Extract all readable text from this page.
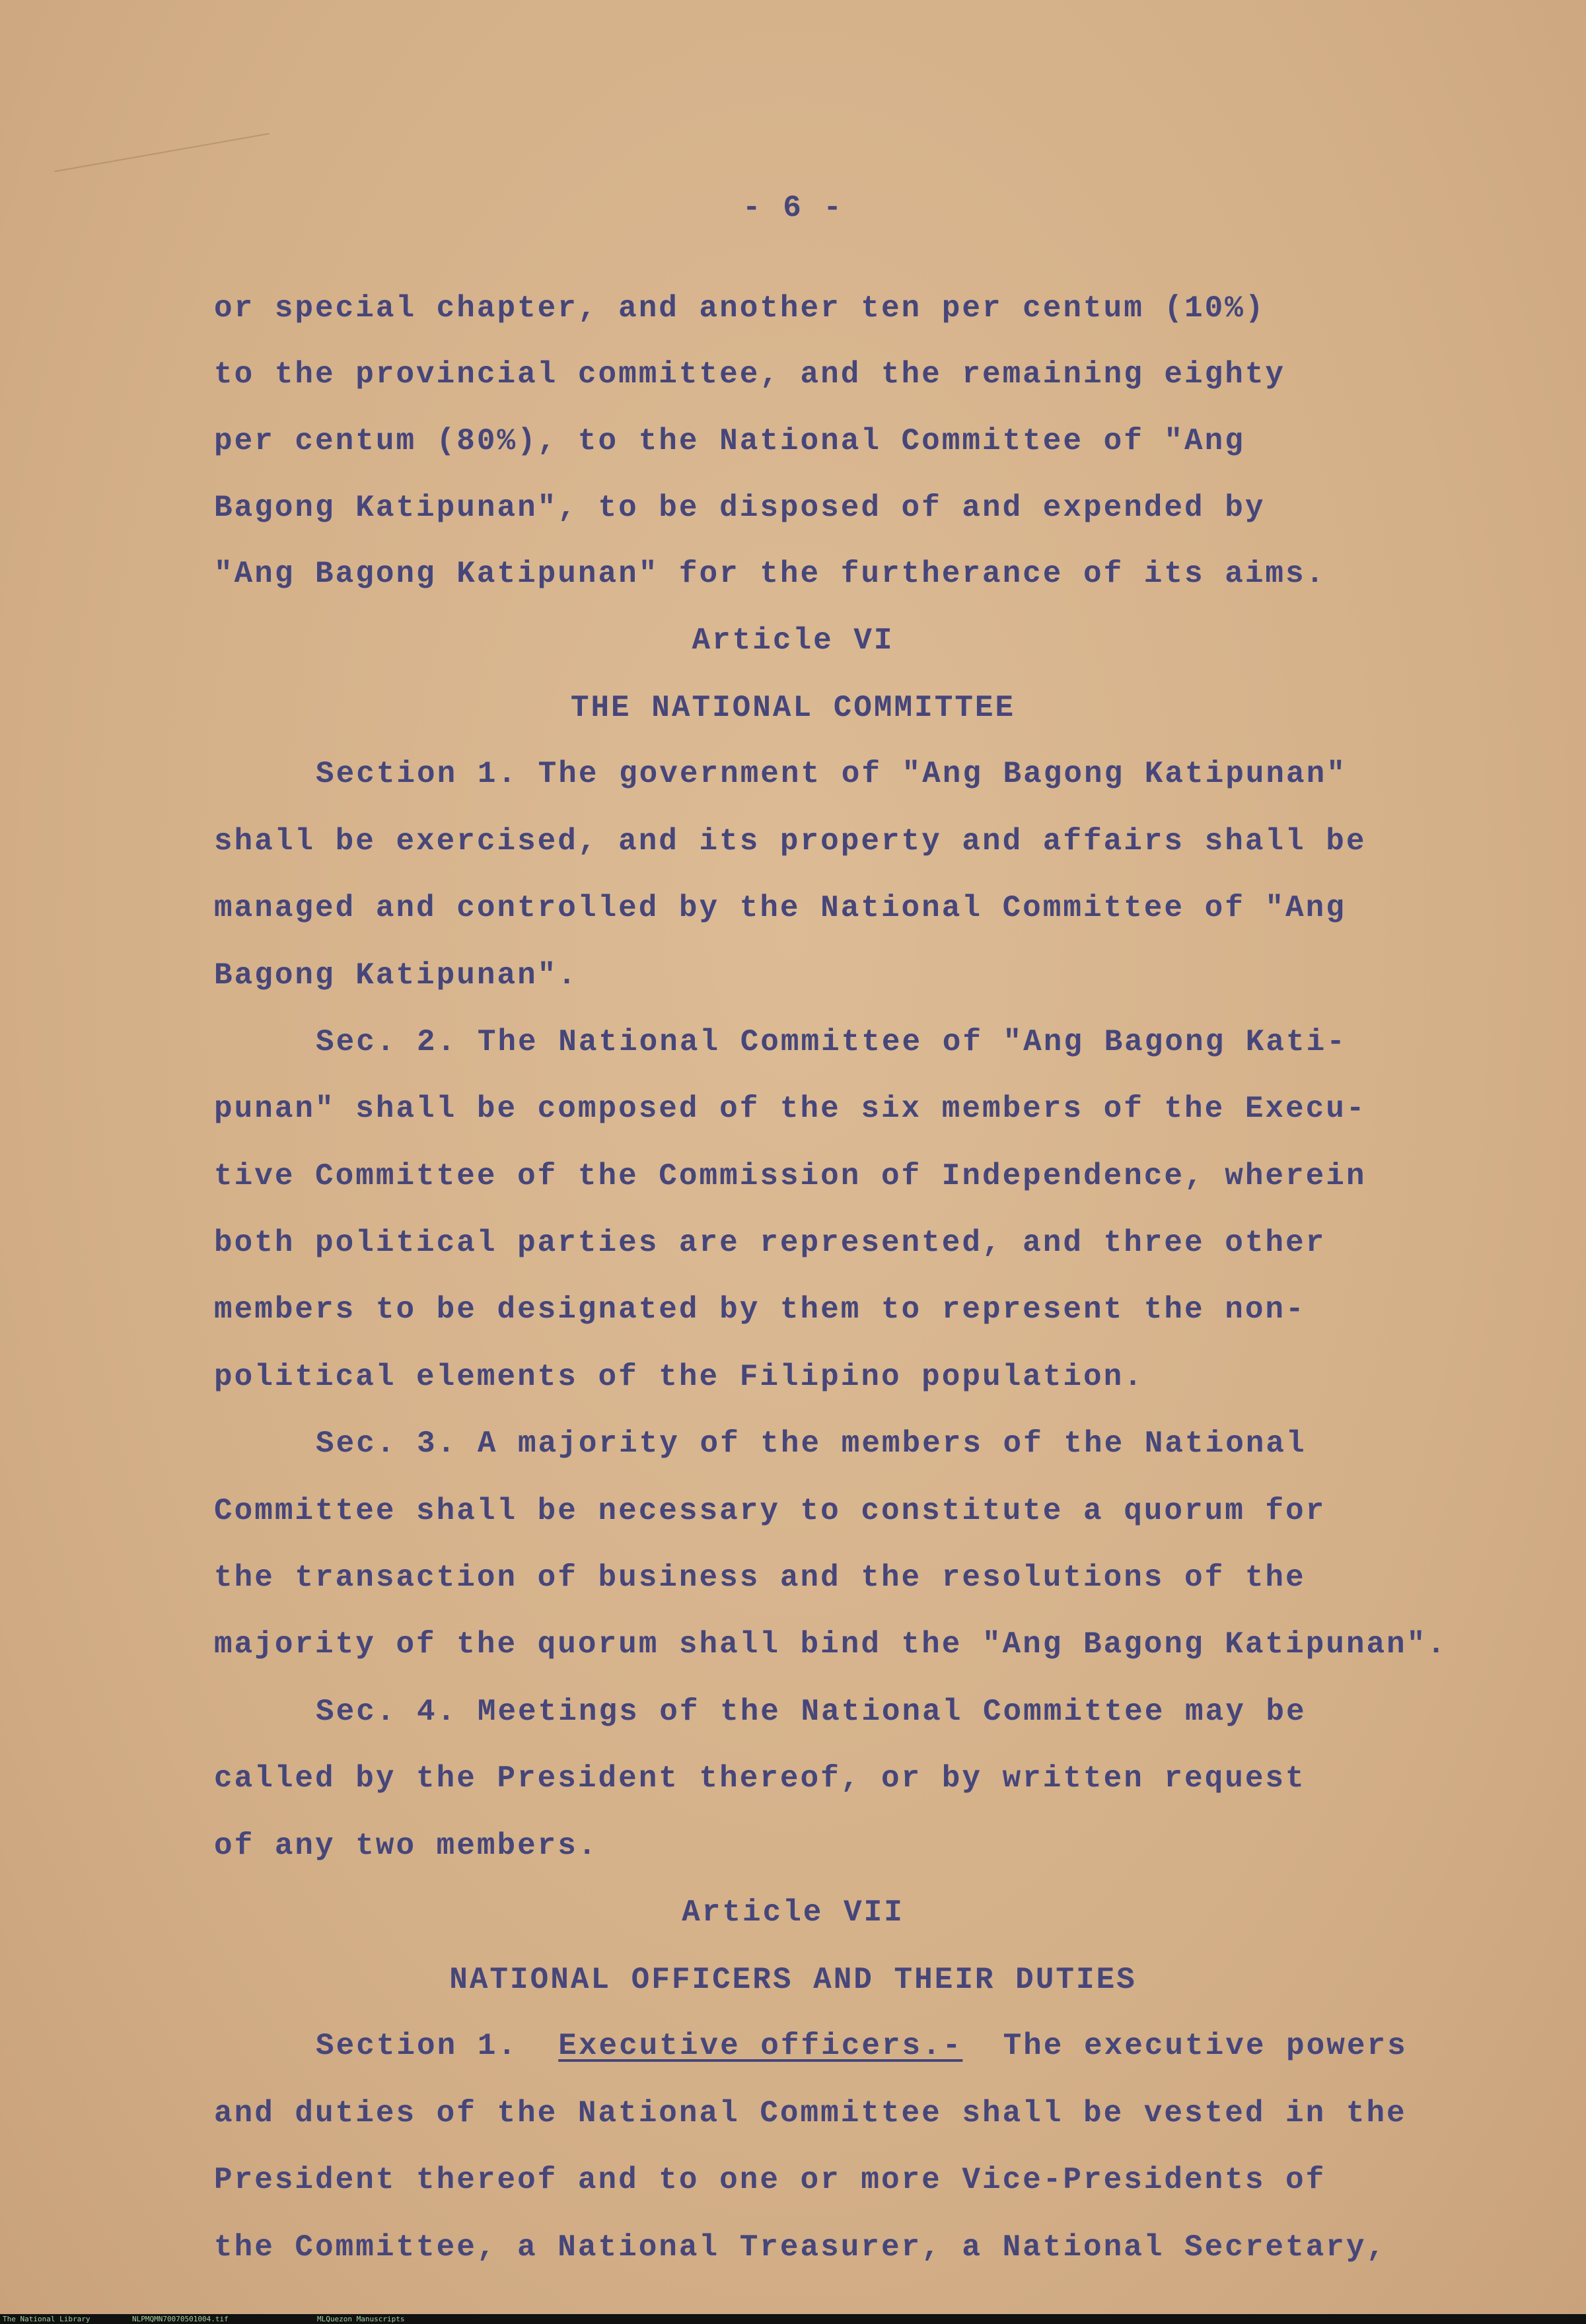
- 6 -
or special chapter, and another ten per centum (10%)
to the provincial committee, and the remaining eighty
per centum (80%), to the National Committee of "Ang
Bagong Katipunan", to be disposed of and expended by
"Ang Bagong Katipunan" for the furtherance of its aims.
Article VI
THE NATIONAL COMMITTEE
Section 1. The government of "Ang Bagong Katipunan"
shall be exercised, and its property and affairs shall be
managed and controlled by the National Committee of "Ang
Bagong Katipunan".
Sec. 2. The National Committee of "Ang Bagong Kati-
punan" shall be composed of the six members of the Execu-
tive Committee of the Commission of Independence, wherein
both political parties are represented, and three other
members to be designated by them to represent the non-
political elements of the Filipino population.
Sec. 3. A majority of the members of the National
Committee shall be necessary to constitute a quorum for
the transaction of business and the resolutions of the
majority of the quorum shall bind the "Ang Bagong Katipunan".
Sec. 4. Meetings of the National Committee may be
called by the President thereof, or by written request
of any two members.
Article VII
NATIONAL OFFICERS AND THEIR DUTIES
Section 1. Executive officers.- The executive powers
and duties of the National Committee shall be vested in the
President thereof and to one or more Vice-Presidents of
the Committee, a National Treasurer, a National Secretary,
The National Library	NLPMQMN70070501004.tif	MLQuezon Manuscripts
